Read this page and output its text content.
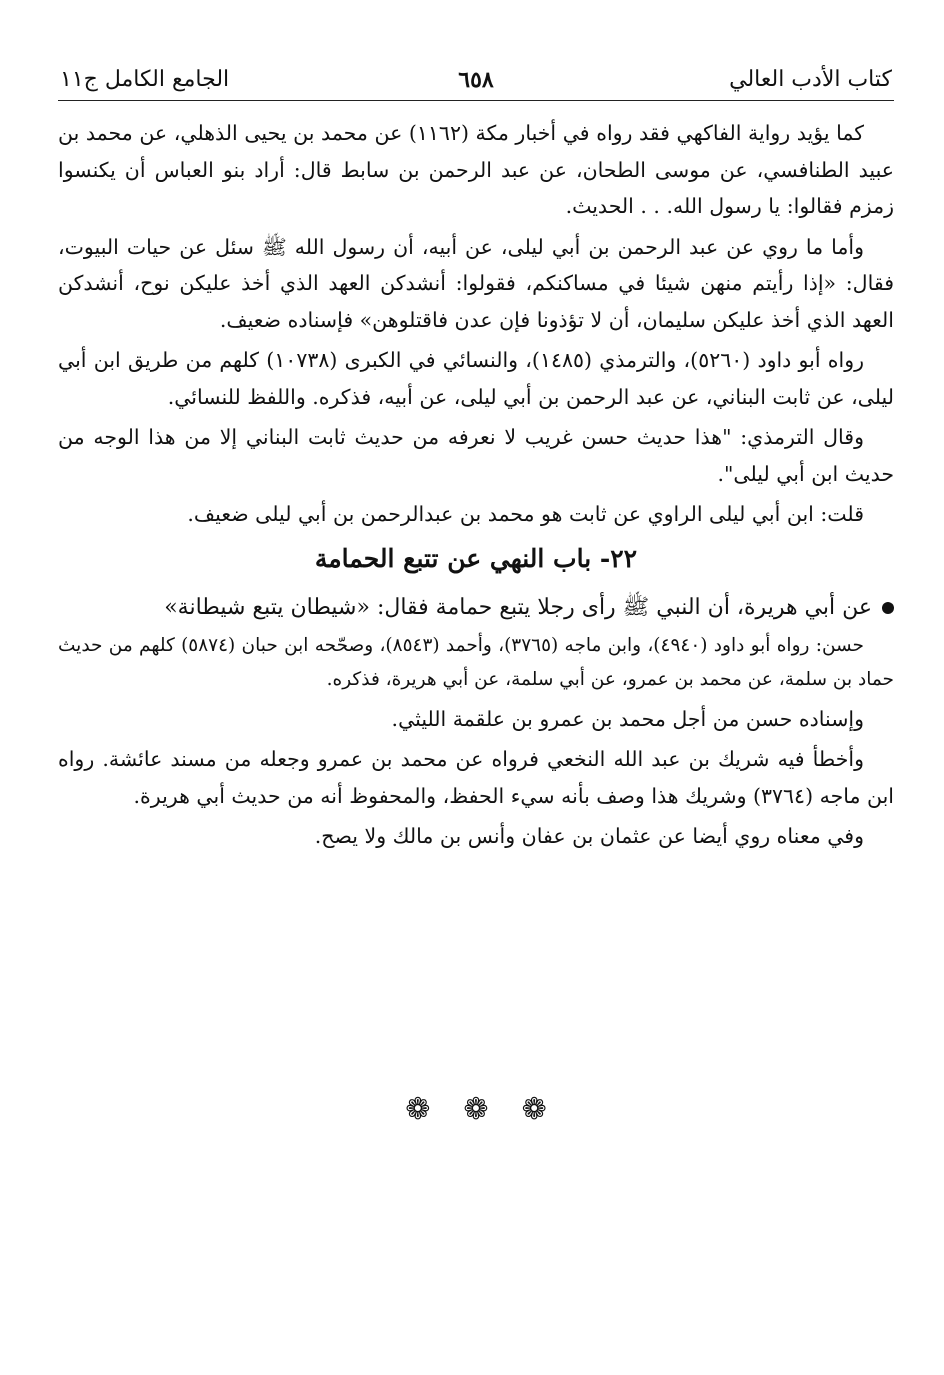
كتاب الأدب العالي
٦٥٨
الجامع الكامل ج١١

كما يؤيد رواية الفاكهي فقد رواه في أخبار مكة (١١٦٢) عن محمد بن يحيى الذهلي، عن محمد بن عبيد الطنافسي، عن موسى الطحان، عن عبد الرحمن بن سابط قال: أراد بنو العباس أن يكنسوا زمزم فقالوا: يا رسول الله. . . الحديث.

وأما ما روي عن عبد الرحمن بن أبي ليلى، عن أبيه، أن رسول الله ﷺ سئل عن حيات البيوت، فقال: «إذا رأيتم منهن شيئا في مساكنكم، فقولوا: أنشدكن العهد الذي أخذ عليكن نوح، أنشدكن العهد الذي أخذ عليكن سليمان، أن لا تؤذونا فإن عدن فاقتلوهن» فإسناده ضعيف.

رواه أبو داود (٥٢٦٠)، والترمذي (١٤٨٥)، والنسائي في الكبرى (١٠٧٣٨) كلهم من طريق ابن أبي ليلى، عن ثابت البناني، عن عبد الرحمن بن أبي ليلى، عن أبيه، فذكره. واللفظ للنسائي.

وقال الترمذي: "هذا حديث حسن غريب لا نعرفه من حديث ثابت البناني إلا من هذا الوجه من حديث ابن أبي ليلى".

قلت: ابن أبي ليلى الراوي عن ثابت هو محمد بن عبدالرحمن بن أبي ليلى ضعيف.

٢٢- باب النهي عن تتبع الحمامة

عن أبي هريرة، أن النبي ﷺ رأى رجلا يتبع حمامة فقال: «شيطان يتبع شيطانة»

حسن: رواه أبو داود (٤٩٤٠)، وابن ماجه (٣٧٦٥)، وأحمد (٨٥٤٣)، وصحّحه ابن حبان (٥٨٧٤) كلهم من حديث حماد بن سلمة، عن محمد بن عمرو، عن أبي سلمة، عن أبي هريرة، فذكره.

وإسناده حسن من أجل محمد بن عمرو بن علقمة الليثي.

وأخطأ فيه شريك بن عبد الله النخعي فرواه عن محمد بن عمرو وجعله من مسند عائشة. رواه ابن ماجه (٣٧٦٤) وشريك هذا وصف بأنه سيء الحفظ، والمحفوظ أنه من حديث أبي هريرة.

وفي معناه روي أيضا عن عثمان بن عفان وأنس بن مالك ولا يصح.

❁ ❁ ❁
